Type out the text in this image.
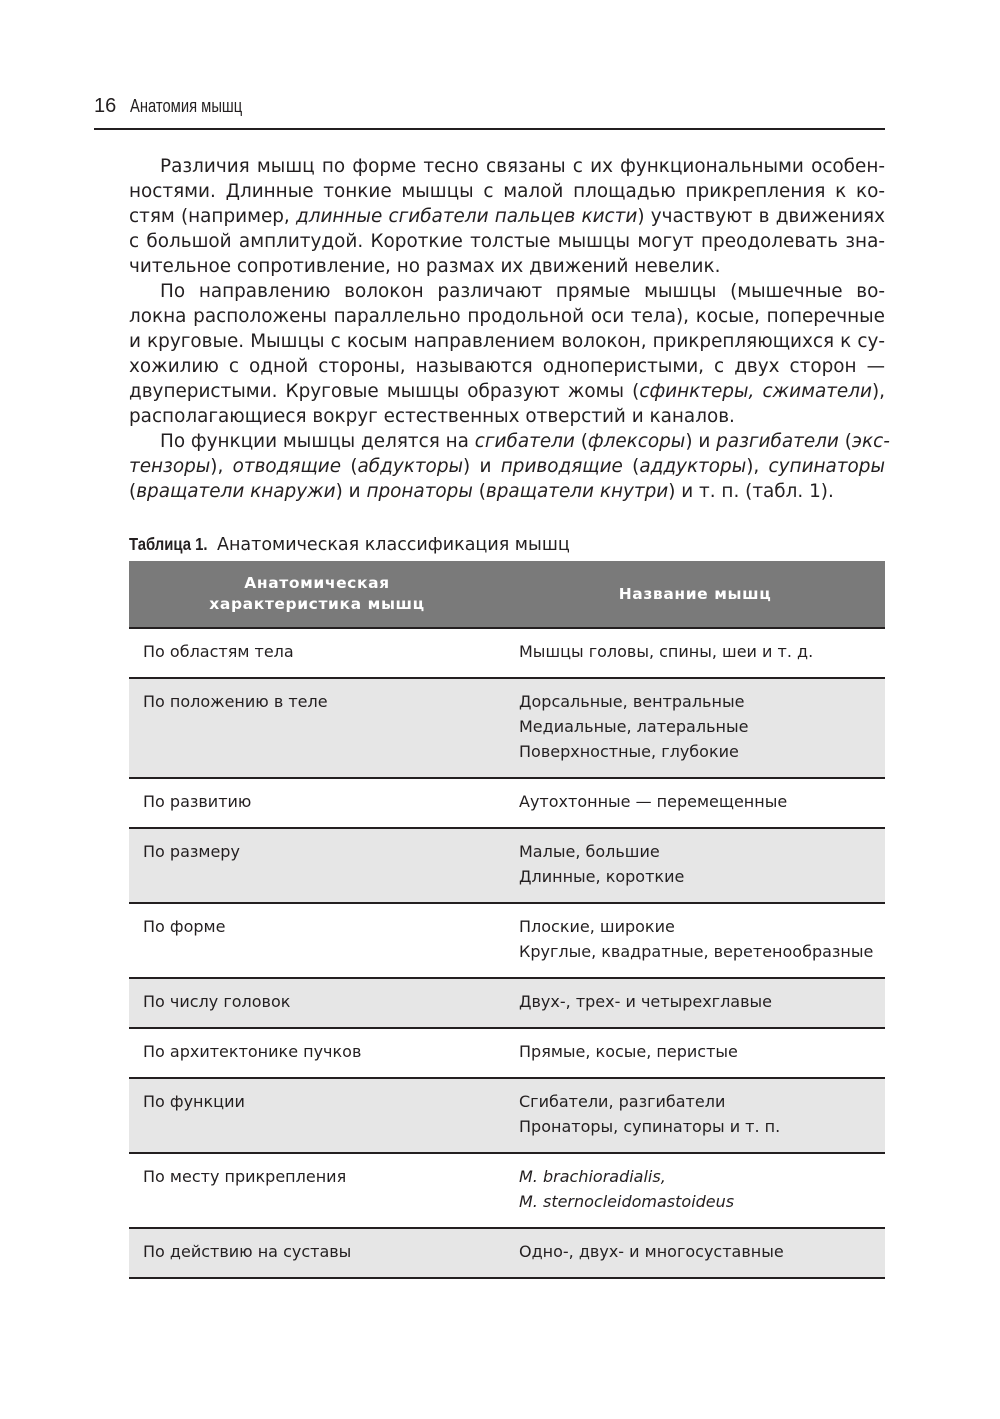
16 Анатомия мышц
Различия мышц по форме тесно связаны с их функциональными особен-
ностями. Длинные тонкие мышцы с малой площадью прикрепления к ко-
стям (например, длинные сгибатели пальцев кисти) участвуют в движениях
с большой амплитудой. Короткие толстые мышцы могут преодолевать зна-
чительное сопротивление, но размах их движений невелик.
По направлению волокон различают прямые мышцы (мышечные во-
локна расположены параллельно продольной оси тела), косые, поперечные
и круговые. Мышцы с косым направлением волокон, прикрепляющихся к су-
хожилию с одной стороны, называются одноперистыми, с двух сторон —
двуперистыми. Круговые мышцы образуют жомы (сфинктеры, сжиматели),
располагающиеся вокруг естественных отверстий и каналов.
По функции мышцы делятся на сгибатели (флексоры) и разгибатели (экс-
тензоры), отводящие (абдукторы) и приводящие (аддукторы), супинаторы
(вращатели кнаружи) и пронаторы (вращатели кнутри) и т. п. (табл. 1).
Таблица 1. Анатомическая классификация мышц
Анатомическая
характеристика мышц	Название мышц

По областям тела	Мышцы головы, спины, шеи и т. д.

По положению в теле	Дорсальные, вентральные
Медиальные, латеральные
Поверхностные, глубокие

По развитию	Аутохтонные — перемещенные

По размеру	Малые, большие
Длинные, короткие

По форме	Плоские, широкие
Круглые, квадратные, веретенообразные

По числу головок	Двух-, трех- и четырехглавые

По архитектонике пучков	Прямые, косые, перистые

По функции	Сгибатели, разгибатели
Пронаторы, супинаторы и т. п.

По месту прикрепления	M. brachioradialis,
M. sternocleidomastoideus

По действию на суставы	Одно-, двух- и многосуставные
